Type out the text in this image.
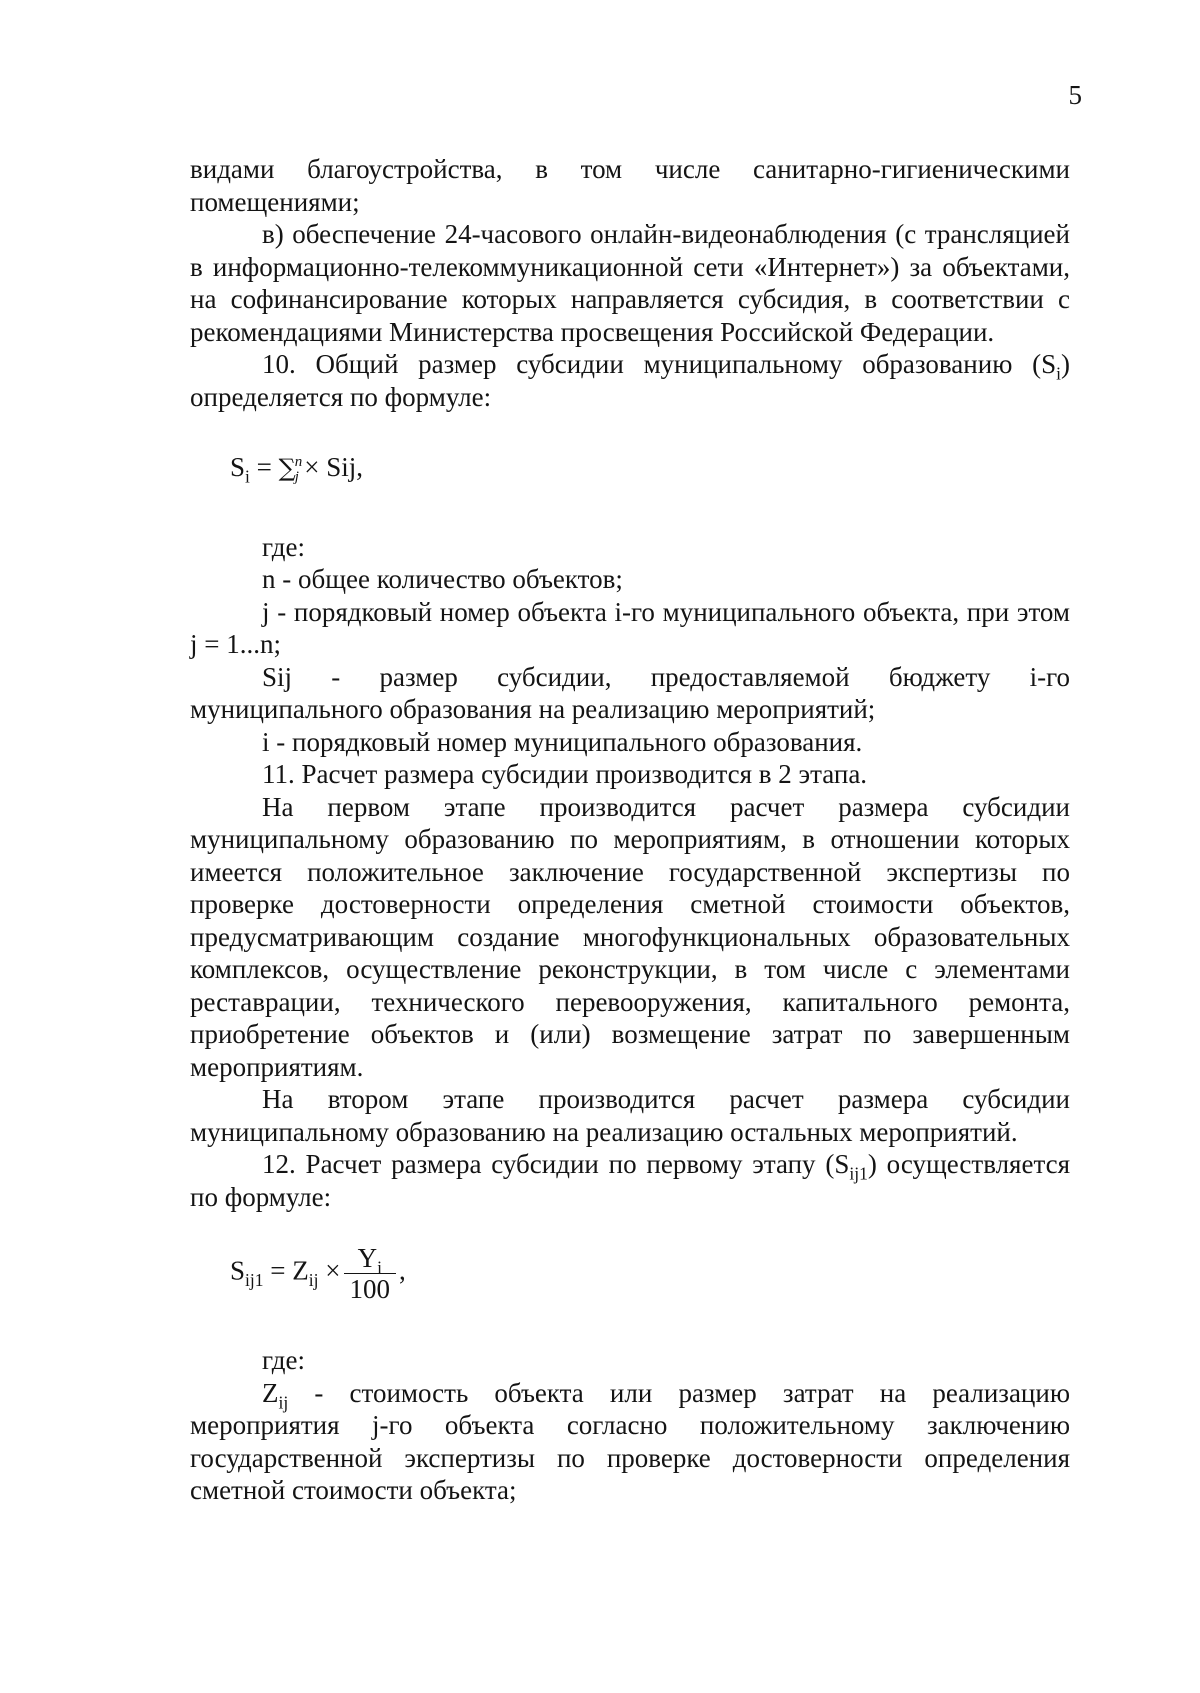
5

видами благоустройства, в том числе санитарно-гигиеническими помещениями;

в) обеспечение 24-часового онлайн-видеонаблюдения (с трансляцией в информационно-телекоммуникационной сети «Интернет») за объектами, на софинансирование которых направляется субсидия, в соответствии с рекомендациями Министерства просвещения Российской Федерации.

10. Общий размер субсидии муниципальному образованию $(S_i)$ определяется по формуле:

$S_i$ = ∑ n
j × Sij,

где:

n - общее количество объектов;

j - порядковый номер объекта i-го муниципального объекта, при этом j = 1...n;

Sij - размер субсидии, предоставляемой бюджету i-го муниципального образования на реализацию мероприятий;

i - порядковый номер муниципального образования.

11. Расчет размера субсидии производится в 2 этапа.

На первом этапе производится расчет размера субсидии муниципальному образованию по мероприятиям, в отношении которых имеется положительное заключение государственной экспертизы по проверке достоверности определения сметной стоимости объектов, предусматривающим создание многофункциональных образовательных комплексов, осуществление реконструкции, в том числе с элементами реставрации, технического перевооружения, капитального ремонта, приобретение объектов и (или) возмещение затрат по завершенным мероприятиям.

На втором этапе производится расчет размера субсидии муниципальному образованию на реализацию остальных мероприятий.

12. Расчет размера субсидии по первому этапу $(S_{ij1})$ осуществляется по формуле:

$S_{ij1} = Z_{ij} \times \frac{Y_i}{100}$ ,

где:

$Z_{ij}$ - стоимость объекта или размер затрат на реализацию мероприятия j-го объекта согласно положительному заключению государственной экспертизы по проверке достоверности определения сметной стоимости объекта;
